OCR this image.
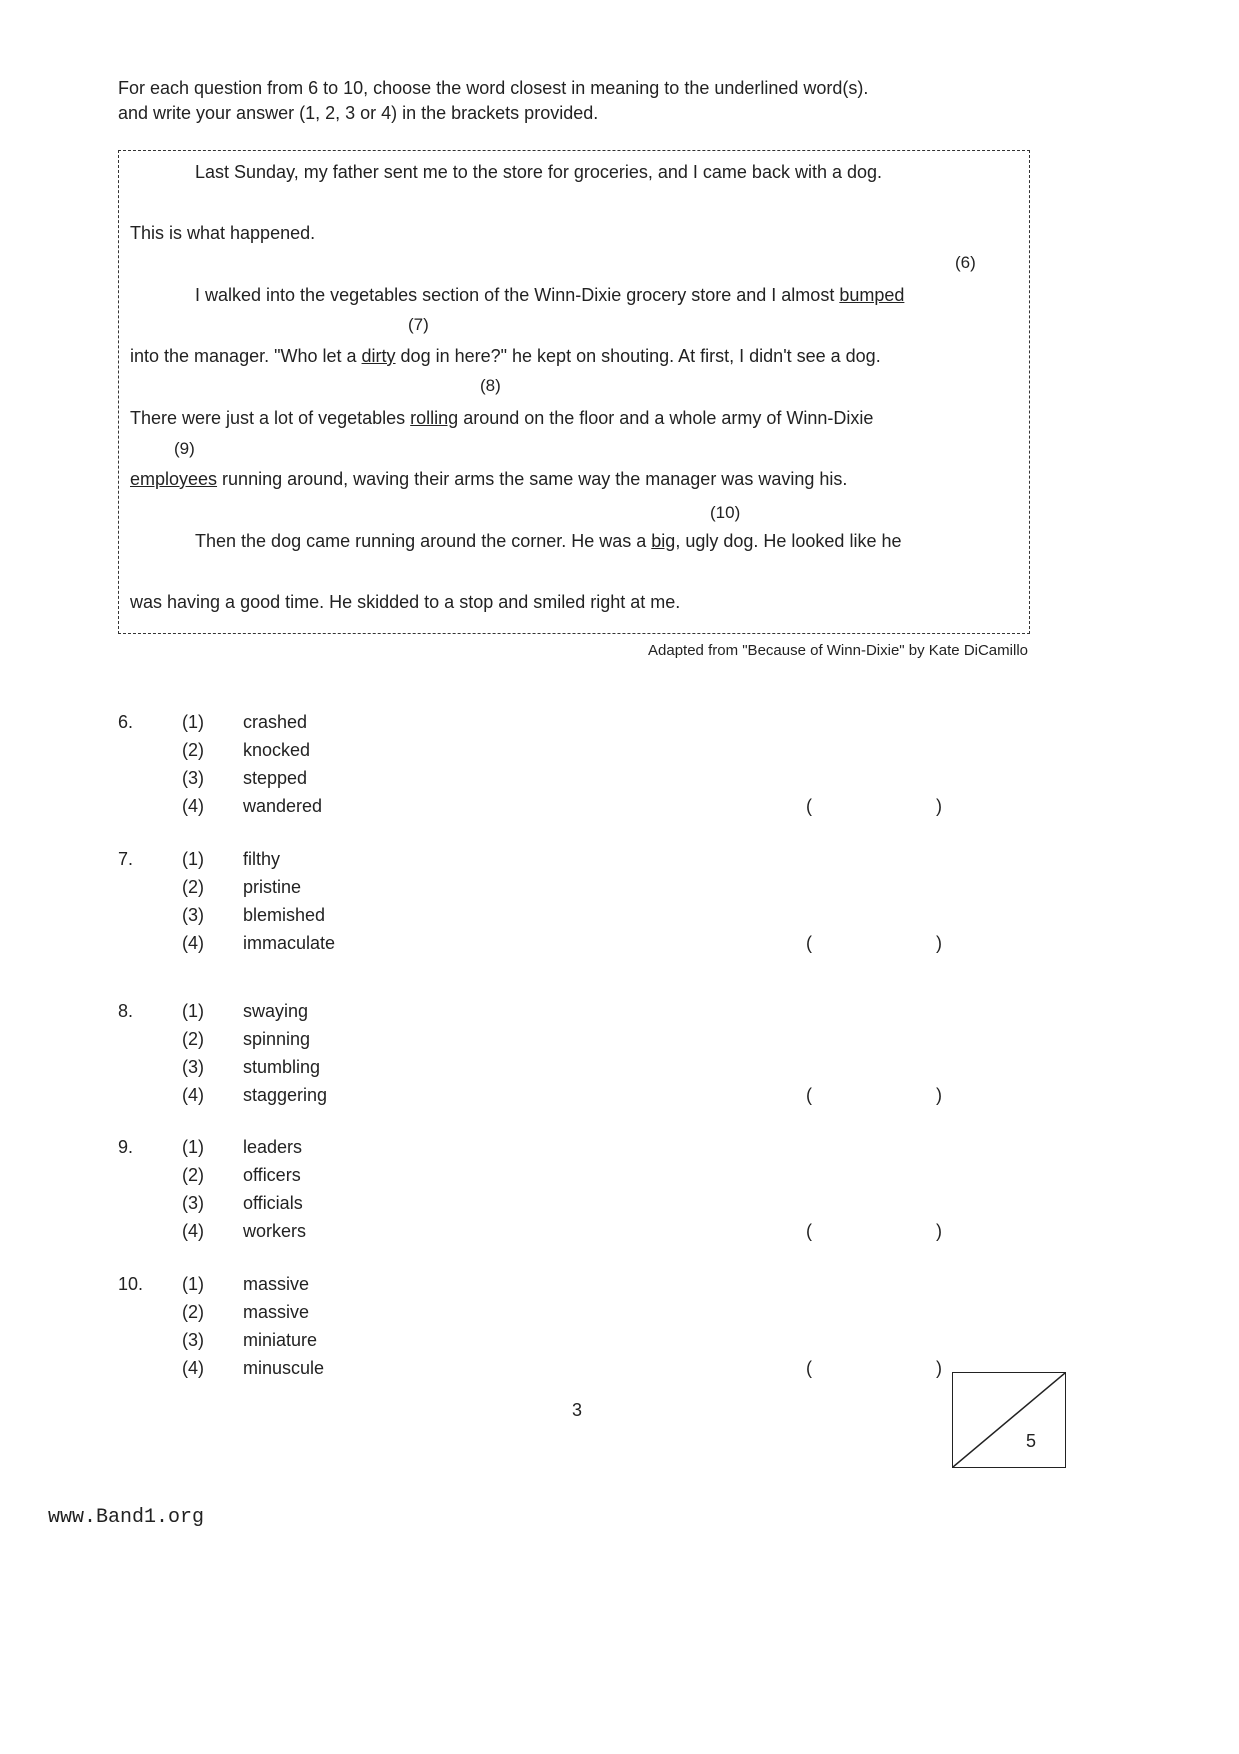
For each question from 6 to 10, choose the word closest in meaning to the underlined word(s).
and write your answer (1, 2, 3 or 4) in the brackets provided.
Last Sunday, my father sent me to the store for groceries, and I came back with a dog.
This is what happened.
(6)
I walked into the vegetables section of the Winn-Dixie grocery store and I almost bumped
(7)
into the manager. "Who let a dirty dog in here?" he kept on shouting. At first, I didn't see a dog.
(8)
There were just a lot of vegetables rolling around on the floor and a whole army of Winn-Dixie
(9)
employees running around, waving their arms the same way the manager was waving his.
(10)
Then the dog came running around the corner. He was a big, ugly dog. He looked like he
was having a good time. He skidded to a stop and smiled right at me.
Adapted from "Because of Winn-Dixie" by Kate DiCamillo
6.	(1) crashed
(2) knocked
(3) stepped
(4) wandered	(	)
7.	(1) filthy
(2) pristine
(3) blemished
(4) immaculate	(	)
8.	(1) swaying
(2) spinning
(3) stumbling
(4) staggering	(	)
9.	(1) leaders
(2) officers
(3) officials
(4) workers	(	)
10. (1) massive
(2) massive
(3) miniature
(4) minuscule	(	)
3
5
www.Band1.org
